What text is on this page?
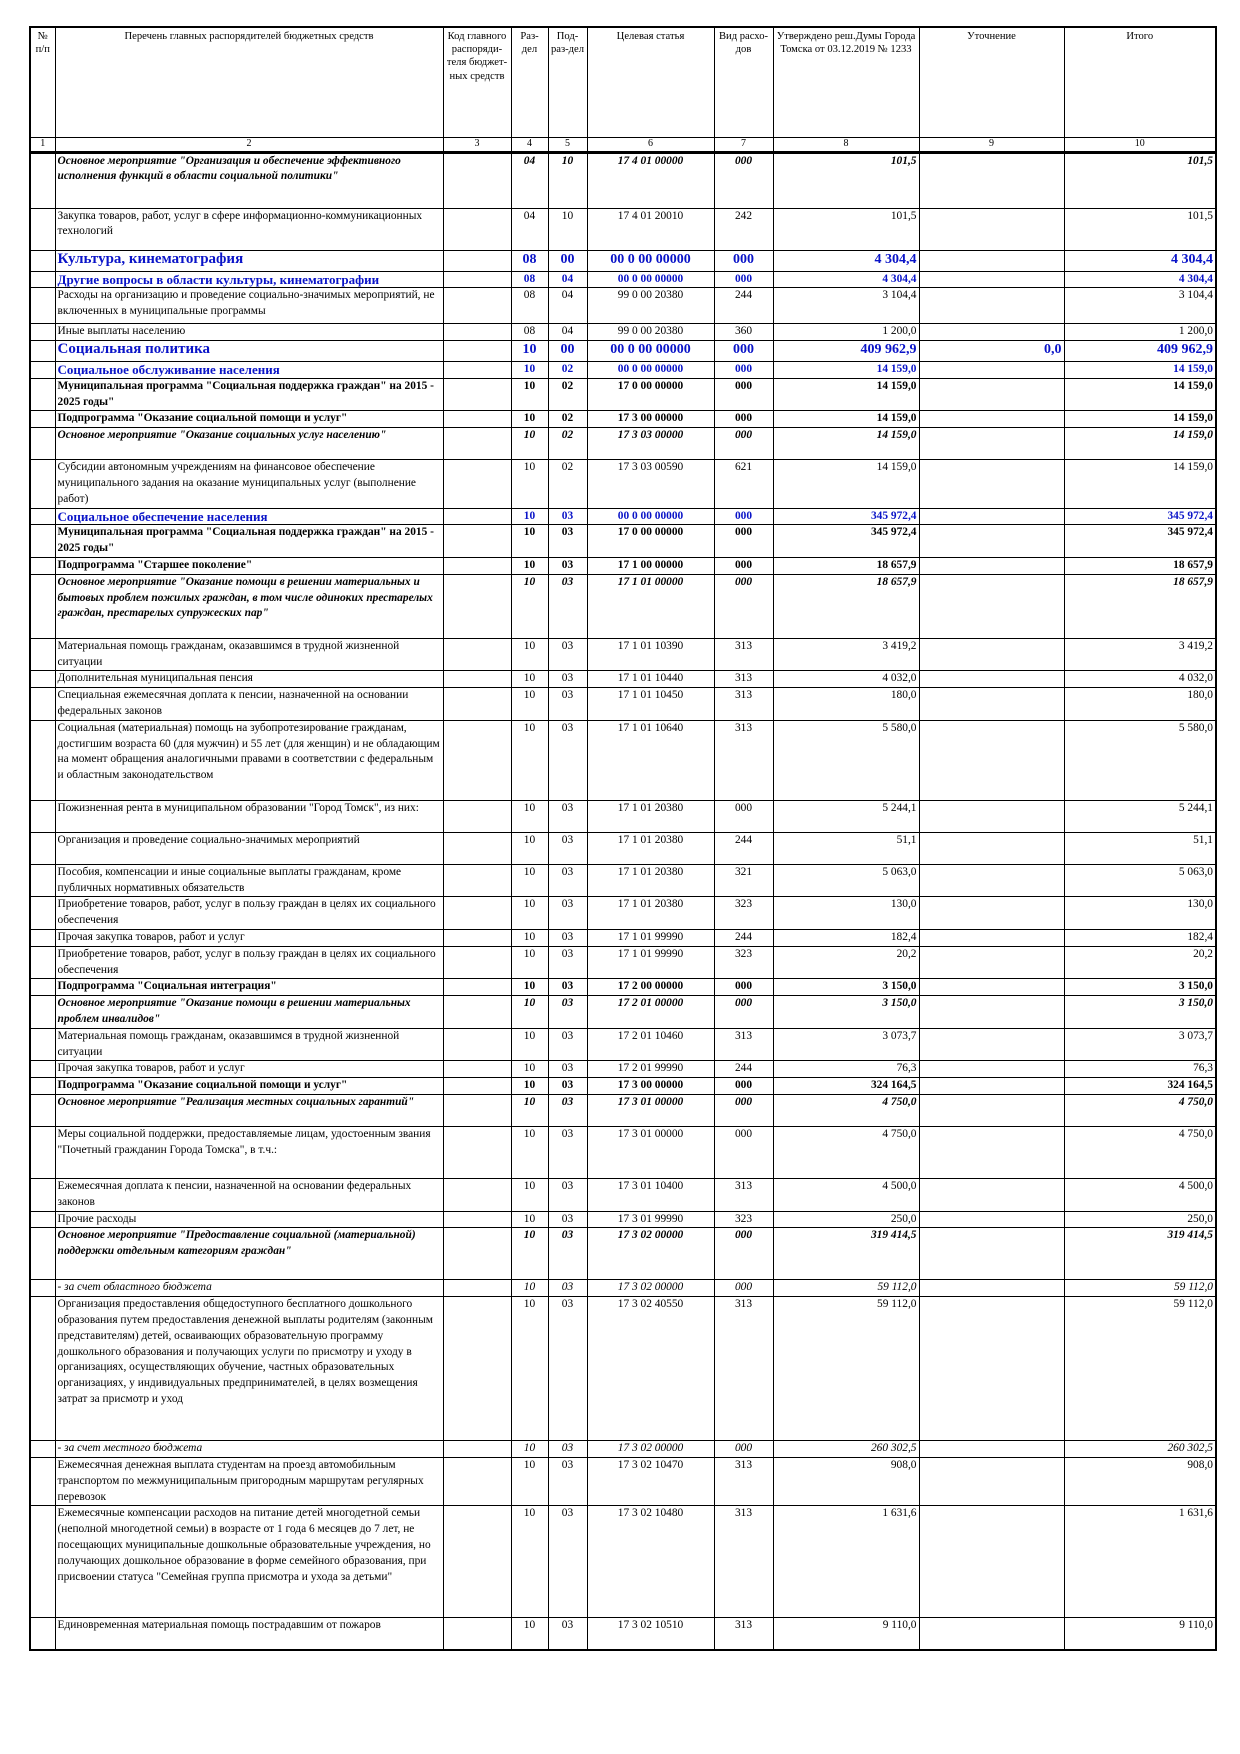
№ п/п	Перечень главных распорядителей бюджетных средств	Код главного распоряди-теля бюджет-ных средств	Раз-дел	Под-раз-дел	Целевая статья	Вид расхо-дов	Утверждено реш.Думы Города Томска от 03.12.2019 № 1233	Уточнение	Итого
1	2	3	4	5	6	7	8	9	10
	Основное мероприятие "Организация и обеспечение эффективного исполнения функций в области социальной политики"		04	10	17 4 01 00000	000	101,5		101,5
	Закупка товаров, работ, услуг в сфере информационно-коммуникационных технологий		04	10	17 4 01 20010	242	101,5		101,5
	Культура, кинематография		08	00	00 0 00 00000	000	4 304,4		4 304,4
	Другие вопросы в области культуры, кинематографии		08	04	00 0 00 00000	000	4 304,4		4 304,4
	Расходы на организацию и проведение социально-значимых мероприятий, не включенных в муниципальные программы		08	04	99 0 00 20380	244	3 104,4		3 104,4
	Иные выплаты населению		08	04	99 0 00 20380	360	1 200,0		1 200,0
	Социальная политика		10	00	00 0 00 00000	000	409 962,9	0,0	409 962,9
	Социальное обслуживание населения		10	02	00 0 00 00000	000	14 159,0		14 159,0
	Муниципальная программа "Социальная поддержка граждан" на 2015 - 2025 годы"		10	02	17 0 00 00000	000	14 159,0		14 159,0
	Подпрограмма "Оказание социальной помощи и услуг"		10	02	17 3 00 00000	000	14 159,0		14 159,0
	Основное мероприятие "Оказание социальных услуг населению"		10	02	17 3 03 00000	000	14 159,0		14 159,0
	Субсидии автономным учреждениям на финансовое обеспечение муниципального задания на оказание муниципальных услуг (выполнение работ)		10	02	17 3 03 00590	621	14 159,0		14 159,0
	Социальное обеспечение населения		10	03	00 0 00 00000	000	345 972,4		345 972,4
	Муниципальная программа "Социальная поддержка граждан" на 2015 - 2025 годы"		10	03	17 0 00 00000	000	345 972,4		345 972,4
	Подпрограмма "Старшее поколение"		10	03	17 1 00 00000	000	18 657,9		18 657,9
	Основное мероприятие "Оказание помощи в решении материальных и бытовых проблем пожилых граждан, в том числе одиноких престарелых граждан, престарелых супружеских пар"		10	03	17 1 01 00000	000	18 657,9		18 657,9
	Материальная помощь гражданам, оказавшимся в трудной жизненной ситуации		10	03	17 1 01 10390	313	3 419,2		3 419,2
	Дополнительная муниципальная пенсия		10	03	17 1 01 10440	313	4 032,0		4 032,0
	Специальная ежемесячная доплата к пенсии, назначенной на основании федеральных законов		10	03	17 1 01 10450	313	180,0		180,0
	Социальная (материальная) помощь на зубопротезирование гражданам, достигшим возраста 60 (для мужчин) и 55 лет (для женщин) и не обладающим на момент обращения аналогичными правами в соответствии с федеральным и областным законодательством		10	03	17 1 01 10640	313	5 580,0		5 580,0
	Пожизненная рента в муниципальном образовании "Город Томск", из них:		10	03	17 1 01 20380	000	5 244,1		5 244,1
	Организация и проведение социально-значимых мероприятий		10	03	17 1 01 20380	244	51,1		51,1
	Пособия, компенсации и иные социальные выплаты гражданам, кроме публичных нормативных обязательств		10	03	17 1 01 20380	321	5 063,0		5 063,0
	Приобретение товаров, работ, услуг в пользу граждан в целях их социального обеспечения		10	03	17 1 01 20380	323	130,0		130,0
	Прочая закупка товаров, работ и услуг		10	03	17 1 01 99990	244	182,4		182,4
	Приобретение товаров, работ, услуг в пользу граждан в целях их социального обеспечения		10	03	17 1 01 99990	323	20,2		20,2
	Подпрограмма "Социальная интеграция"		10	03	17 2 00 00000	000	3 150,0		3 150,0
	Основное мероприятие "Оказание помощи в решении материальных проблем инвалидов"		10	03	17 2 01 00000	000	3 150,0		3 150,0
	Материальная помощь гражданам, оказавшимся в трудной жизненной ситуации		10	03	17 2 01 10460	313	3 073,7		3 073,7
	Прочая закупка товаров, работ и услуг		10	03	17 2 01 99990	244	76,3		76,3
	Подпрограмма "Оказание социальной помощи и услуг"		10	03	17 3 00 00000	000	324 164,5		324 164,5
	Основное мероприятие "Реализация местных социальных гарантий"		10	03	17 3 01 00000	000	4 750,0		4 750,0
	Меры социальной поддержки, предоставляемые лицам, удостоенным звания "Почетный гражданин Города Томска", в т.ч.:		10	03	17 3 01 00000	000	4 750,0		4 750,0
	Ежемесячная доплата к пенсии, назначенной на основании федеральных законов		10	03	17 3 01 10400	313	4 500,0		4 500,0
	Прочие расходы		10	03	17 3 01 99990	323	250,0		250,0
	Основное мероприятие "Предоставление социальной (материальной) поддержки отдельным категориям граждан"		10	03	17 3 02 00000	000	319 414,5		319 414,5
	- за счет областного бюджета		10	03	17 3 02 00000	000	59 112,0		59 112,0
	Организация предоставления общедоступного бесплатного дошкольного образования путем предоставления денежной выплаты родителям (законным представителям) детей, осваивающих образовательную программу дошкольного образования и получающих услуги по присмотру и уходу в организациях, осуществляющих обучение, частных образовательных организациях, у индивидуальных предпринимателей, в целях возмещения затрат за присмотр и уход		10	03	17 3 02 40550	313	59 112,0		59 112,0
	- за счет местного бюджета		10	03	17 3 02 00000	000	260 302,5		260 302,5
	Ежемесячная денежная выплата студентам на проезд автомобильным транспортом по межмуниципальным пригородным маршрутам регулярных перевозок		10	03	17 3 02 10470	313	908,0		908,0
	Ежемесячные компенсации расходов на питание детей многодетной семьи (неполной многодетной семьи) в возрасте от 1 года 6 месяцев до 7 лет, не посещающих муниципальные дошкольные образовательные учреждения, но получающих дошкольное образование в форме семейного образования, при присвоении статуса "Семейная группа присмотра и ухода за детьми"		10	03	17 3 02 10480	313	1 631,6		1 631,6
	Единовременная материальная помощь пострадавшим от пожаров		10	03	17 3 02 10510	313	9 110,0		9 110,0
